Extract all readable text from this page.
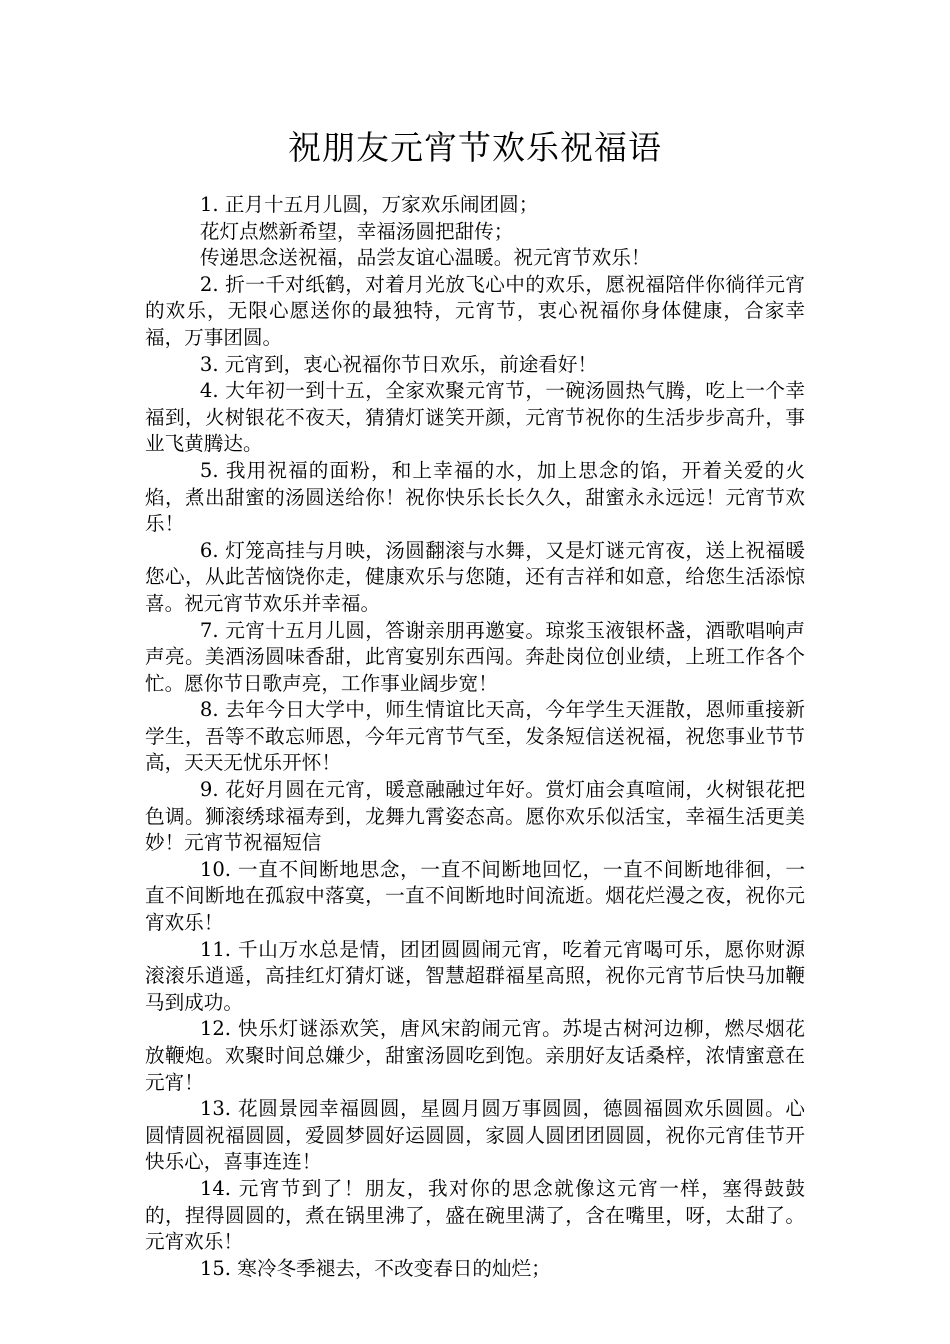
祝朋友元宵节欢乐祝福语

1. 正月十五月儿圆，万家欢乐闹团圆；

花灯点燃新希望，幸福汤圆把甜传；

传递思念送祝福，品尝友谊心温暖。祝元宵节欢乐！

2. 折一千对纸鹤，对着月光放飞心中的欢乐，愿祝福陪伴你徜徉元宵的欢乐，无限心愿送你的最独特，元宵节，衷心祝福你身体健康，合家幸福，万事团圆。

3. 元宵到，衷心祝福你节日欢乐，前途看好！

4. 大年初一到十五，全家欢聚元宵节，一碗汤圆热气腾，吃上一个幸福到，火树银花不夜天，猜猜灯谜笑开颜，元宵节祝你的生活步步高升，事业飞黄腾达。

5. 我用祝福的面粉，和上幸福的水，加上思念的馅，开着关爱的火焰，煮出甜蜜的汤圆送给你！祝你快乐长长久久，甜蜜永永远远！元宵节欢乐！

6. 灯笼高挂与月映，汤圆翻滚与水舞，又是灯谜元宵夜，送上祝福暖您心，从此苦恼饶你走，健康欢乐与您随，还有吉祥和如意，给您生活添惊喜。祝元宵节欢乐并幸福。

7. 元宵十五月儿圆，答谢亲朋再邀宴。琼浆玉液银杯盏，酒歌唱响声声亮。美酒汤圆味香甜，此宵宴别东西闯。奔赴岗位创业绩，上班工作各个忙。愿你节日歌声亮，工作事业阔步宽！

8. 去年今日大学中，师生情谊比天高，今年学生天涯散，恩师重接新学生，吾等不敢忘师恩，今年元宵节气至，发条短信送祝福，祝您事业节节高，天天无忧乐开怀！

9. 花好月圆在元宵，暖意融融过年好。赏灯庙会真喧闹，火树银花把色调。狮滚绣球福寿到，龙舞九霄姿态高。愿你欢乐似活宝，幸福生活更美妙！元宵节祝福短信

10. 一直不间断地思念，一直不间断地回忆，一直不间断地徘徊，一直不间断地在孤寂中落寞，一直不间断地时间流逝。烟花烂漫之夜，祝你元宵欢乐！

11. 千山万水总是情，团团圆圆闹元宵，吃着元宵喝可乐，愿你财源滚滚乐逍遥，高挂红灯猜灯谜，智慧超群福星高照，祝你元宵节后快马加鞭马到成功。

12. 快乐灯谜添欢笑，唐风宋韵闹元宵。苏堤古树河边柳，燃尽烟花放鞭炮。欢聚时间总嫌少，甜蜜汤圆吃到饱。亲朋好友话桑梓，浓情蜜意在元宵！

13. 花圆景园幸福圆圆，星圆月圆万事圆圆，德圆福圆欢乐圆圆。心圆情圆祝福圆圆，爱圆梦圆好运圆圆，家圆人圆团团圆圆，祝你元宵佳节开快乐心，喜事连连！

14. 元宵节到了！朋友，我对你的思念就像这元宵一样，塞得鼓鼓的，捏得圆圆的，煮在锅里沸了，盛在碗里满了，含在嘴里，呀，太甜了。元宵欢乐！

15. 寒冷冬季褪去，不改变春日的灿烂；
